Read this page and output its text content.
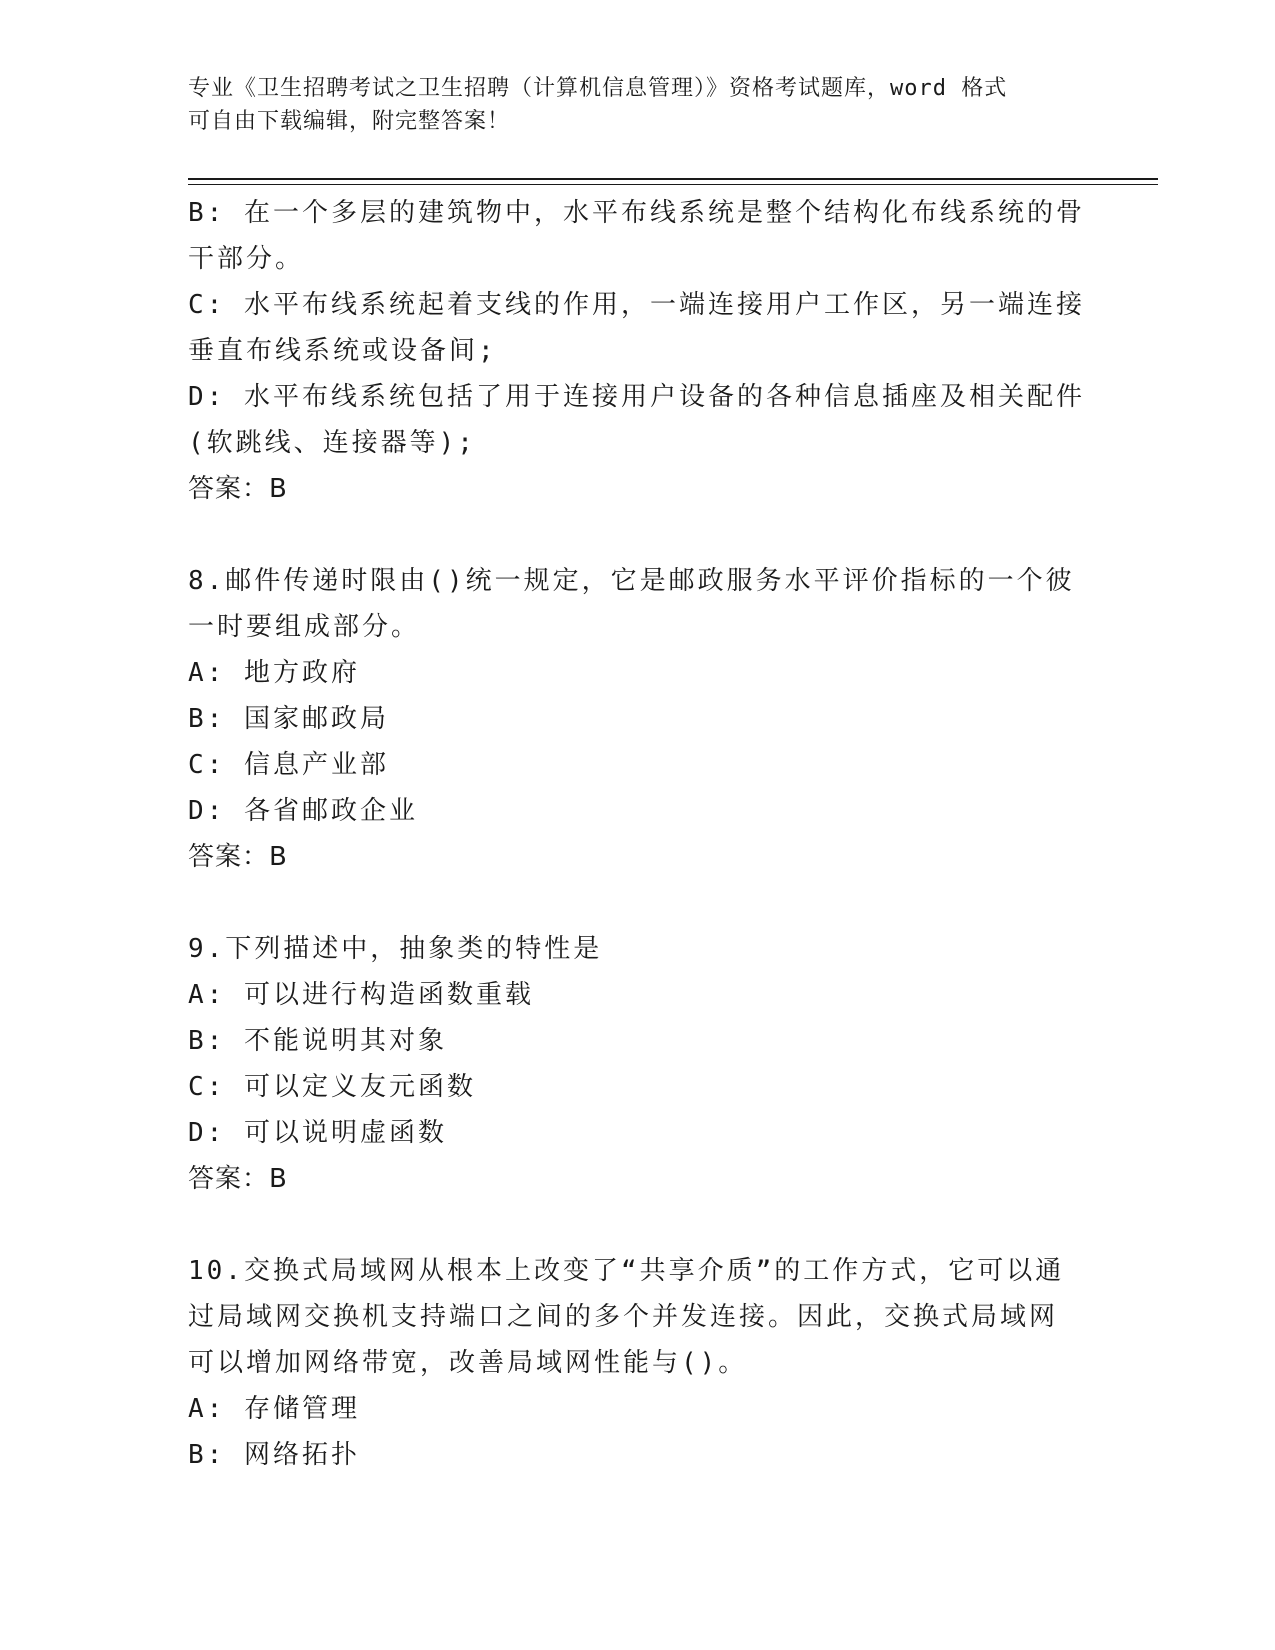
专业《卫生招聘考试之卫生招聘（计算机信息管理）》资格考试题库，word 格式
可自由下载编辑，附完整答案！
B: 在一个多层的建筑物中，水平布线系统是整个结构化布线系统的骨
干部分。
C: 水平布线系统起着支线的作用，一端连接用户工作区，另一端连接
垂直布线系统或设备间;
D: 水平布线系统包括了用于连接用户设备的各种信息插座及相关配件
(软跳线、连接器等);
答案：B
8.邮件传递时限由()统一规定，它是邮政服务水平评价指标的一个彼
一时要组成部分。
A: 地方政府
B: 国家邮政局
C: 信息产业部
D: 各省邮政企业
答案：B
9.下列描述中，抽象类的特性是
A: 可以进行构造函数重载
B: 不能说明其对象
C: 可以定义友元函数
D: 可以说明虚函数
答案：B
10.交换式局域网从根本上改变了“共享介质”的工作方式，它可以通
过局域网交换机支持端口之间的多个并发连接。因此，交换式局域网
可以增加网络带宽，改善局域网性能与()。
A: 存储管理
B: 网络拓扑
